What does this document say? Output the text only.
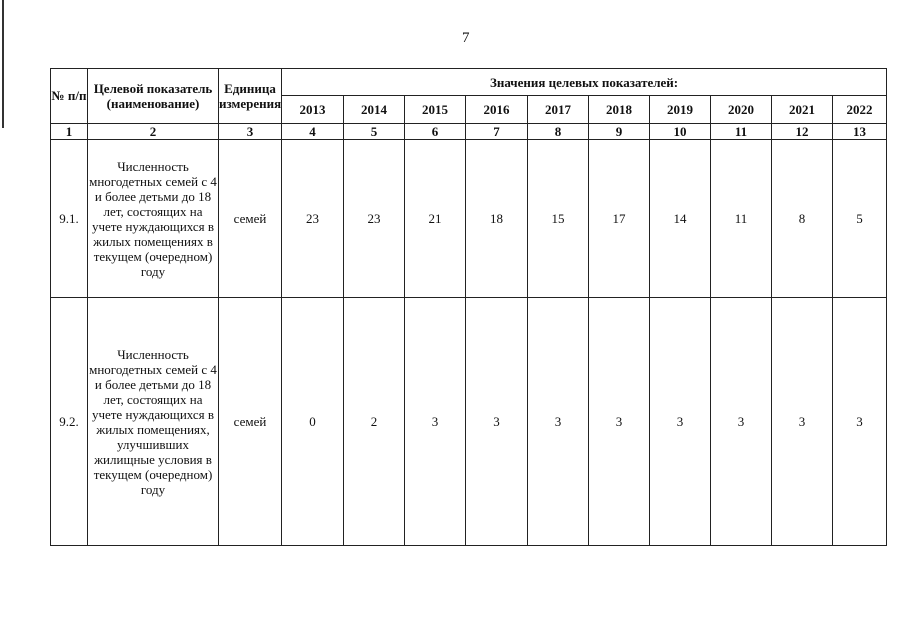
7
№ п/п	Целевой показатель (наименование)	Единица измерения	Значения целевых показателей:									
			2013	2014	2015	2016	2017	2018	2019	2020	2021	2022
1	2	3	4	5	6	7	8	9	10	11	12	13
9.1.	Численность многодетных семей с 4 и более детьми до 18 лет, состоящих на учете нуждающихся в жилых помещениях в текущем (очередном) году	семей	23	23	21	18	15	17	14	11	8	5
9.2.	Численность многодетных семей с 4 и более детьми до 18 лет, состоящих на учете нуждающихся в жилых помещениях, улучшивших жилищные условия в текущем (очередном) году	семей	0	2	3	3	3	3	3	3	3	3
